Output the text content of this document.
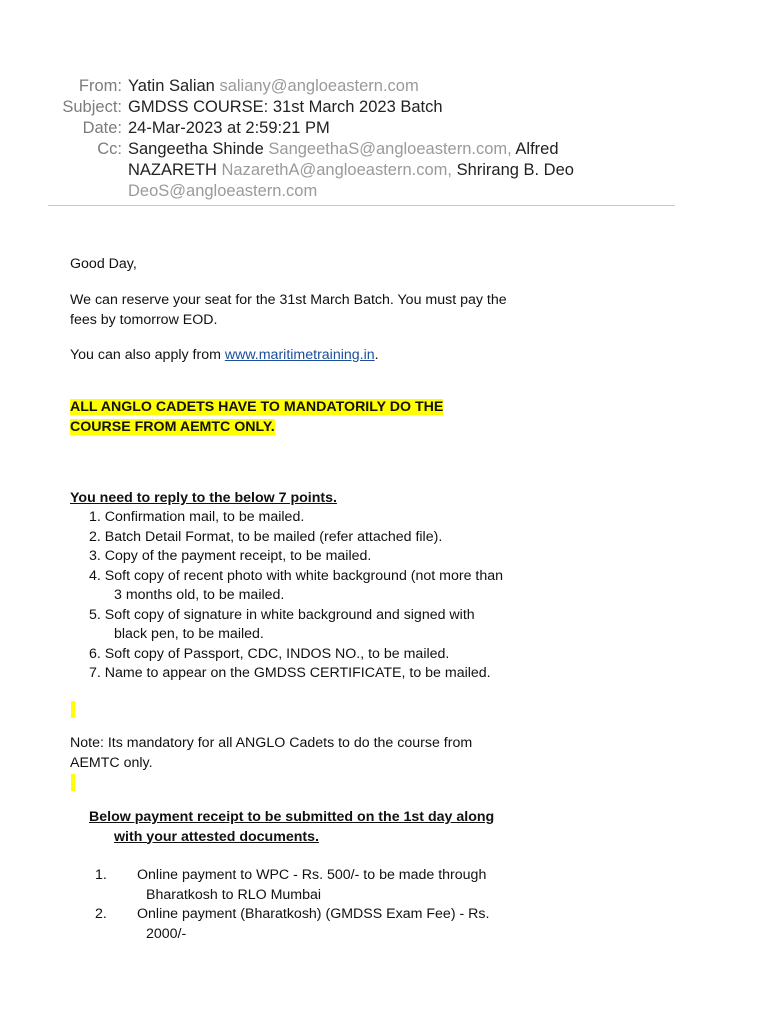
From: Yatin Salian saliany@angloeastern.com
Subject: GMDSS COURSE: 31st March 2023 Batch
Date: 24-Mar-2023 at 2:59:21 PM
Cc: Sangeetha Shinde SangeethaS@angloeastern.com, Alfred
NAZARETH NazarethA@angloeastern.com, Shrirang B. Deo
DeoS@angloeastern.com
Good Day,
We can reserve your seat for the 31st March Batch. You must pay the
fees by tomorrow EOD.
You can also apply from www.maritimetraining.in.
ALL ANGLO CADETS HAVE TO MANDATORILY DO THE
COURSE FROM AEMTC ONLY.
You need to reply to the below 7 points.
1. Confirmation mail, to be mailed.
2. Batch Detail Format, to be mailed (refer attached file).
3. Copy of the payment receipt, to be mailed.
4. Soft copy of recent photo with white background (not more than
3 months old, to be mailed.
5. Soft copy of signature in white background and signed with
black pen, to be mailed.
6. Soft copy of Passport, CDC, INDOS NO., to be mailed.
7. Name to appear on the GMDSS CERTIFICATE, to be mailed.
Note: Its mandatory for all ANGLO Cadets to do the course from
AEMTC only.
Below payment receipt to be submitted on the 1st day along
with your attested documents.
1. Online payment to WPC - Rs. 500/- to be made through
Bharatkosh to RLO Mumbai
2. Online payment (Bharatkosh) (GMDSS Exam Fee) - Rs.
2000/-
